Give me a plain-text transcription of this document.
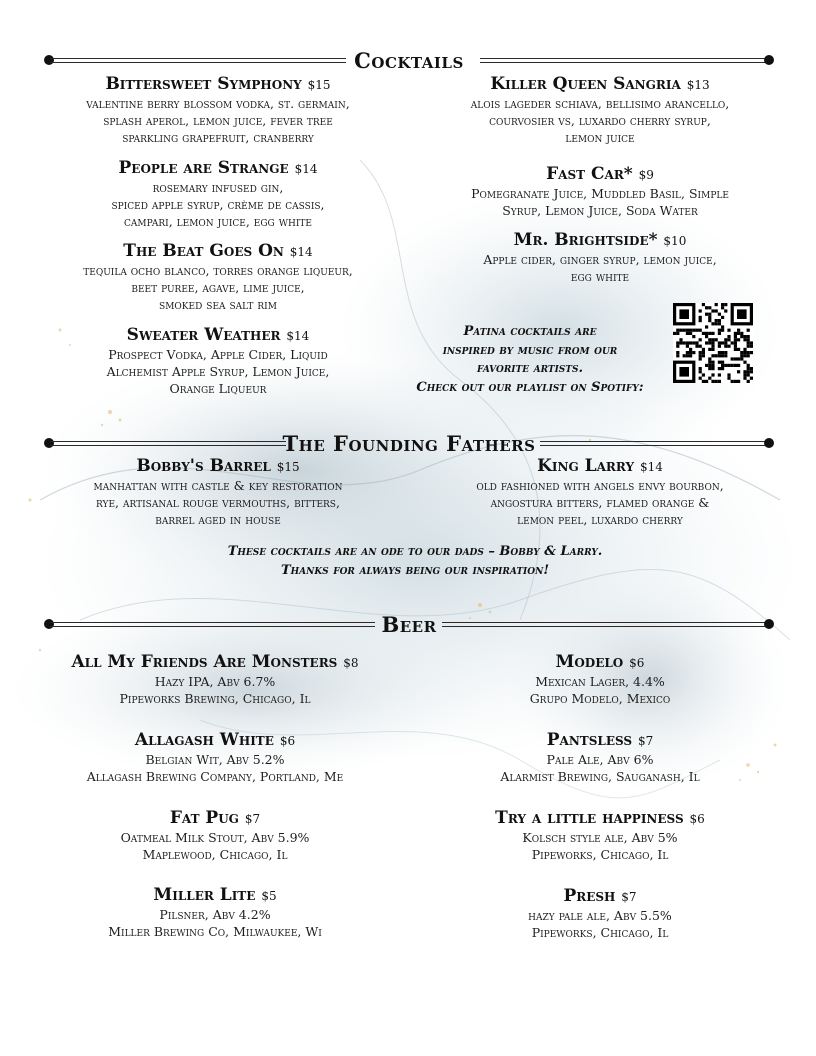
Cocktails
Bittersweet Symphony $15
valentine berry blossom vodka, st. germain,
splash aperol, lemon juice, fever tree
sparkling grapefruit, cranberry
People are Strange $14
rosemary infused gin,
spiced apple syrup, crème de cassis,
campari, lemon juice, egg white
The Beat Goes On $14
tequila ocho blanco, torres orange liqueur,
beet puree, agave, lime juice,
smoked sea salt rim
Sweater Weather $14
Prospect Vodka, Apple Cider, Liquid
Alchemist Apple Syrup, Lemon Juice,
Orange Liqueur
Killer Queen Sangria $13
alois lageder schiava, bellisimo arancello,
courvosier vs, luxardo cherry syrup,
lemon juice
Fast Car* $9
Pomegranate Juice, Muddled Basil, Simple
Syrup, Lemon Juice, Soda Water
Mr. Brightside* $10
Apple cider, ginger syrup, lemon juice,
egg white
Patina cocktails are
inspired by music from our
favorite artists.
Check out our playlist on Spotify:
The Founding Fathers
Bobby's Barrel $15
manhattan with castle & key restoration
rye, artisanal rouge vermouths, bitters,
barrel aged in house
King Larry $14
old fashioned with angels envy bourbon,
angostura bitters, flamed orange &
lemon peel, luxardo cherry
These cocktails are an ode to our dads – Bobby & Larry.
Thanks for always being our inspiration!
Beer
All My Friends Are Monsters $8
Hazy IPA, Abv 6.7%
Pipeworks Brewing, Chicago, Il
Allagash White $6
Belgian Wit, Abv 5.2%
Allagash Brewing Company, Portland, Me
Fat Pug $7
Oatmeal Milk Stout, Abv 5.9%
Maplewood, Chicago, Il
Miller Lite $5
Pilsner, Abv 4.2%
Miller Brewing Co, Milwaukee, Wi
Modelo $6
Mexican Lager, 4.4%
Grupo Modelo, Mexico
Pantsless $7
Pale Ale, Abv 6%
Alarmist Brewing, Sauganash, Il
Try a little happiness $6
Kolsch style ale, Abv 5%
Pipeworks, Chicago, Il
Presh $7
hazy pale ale, Abv 5.5%
Pipeworks, Chicago, Il
